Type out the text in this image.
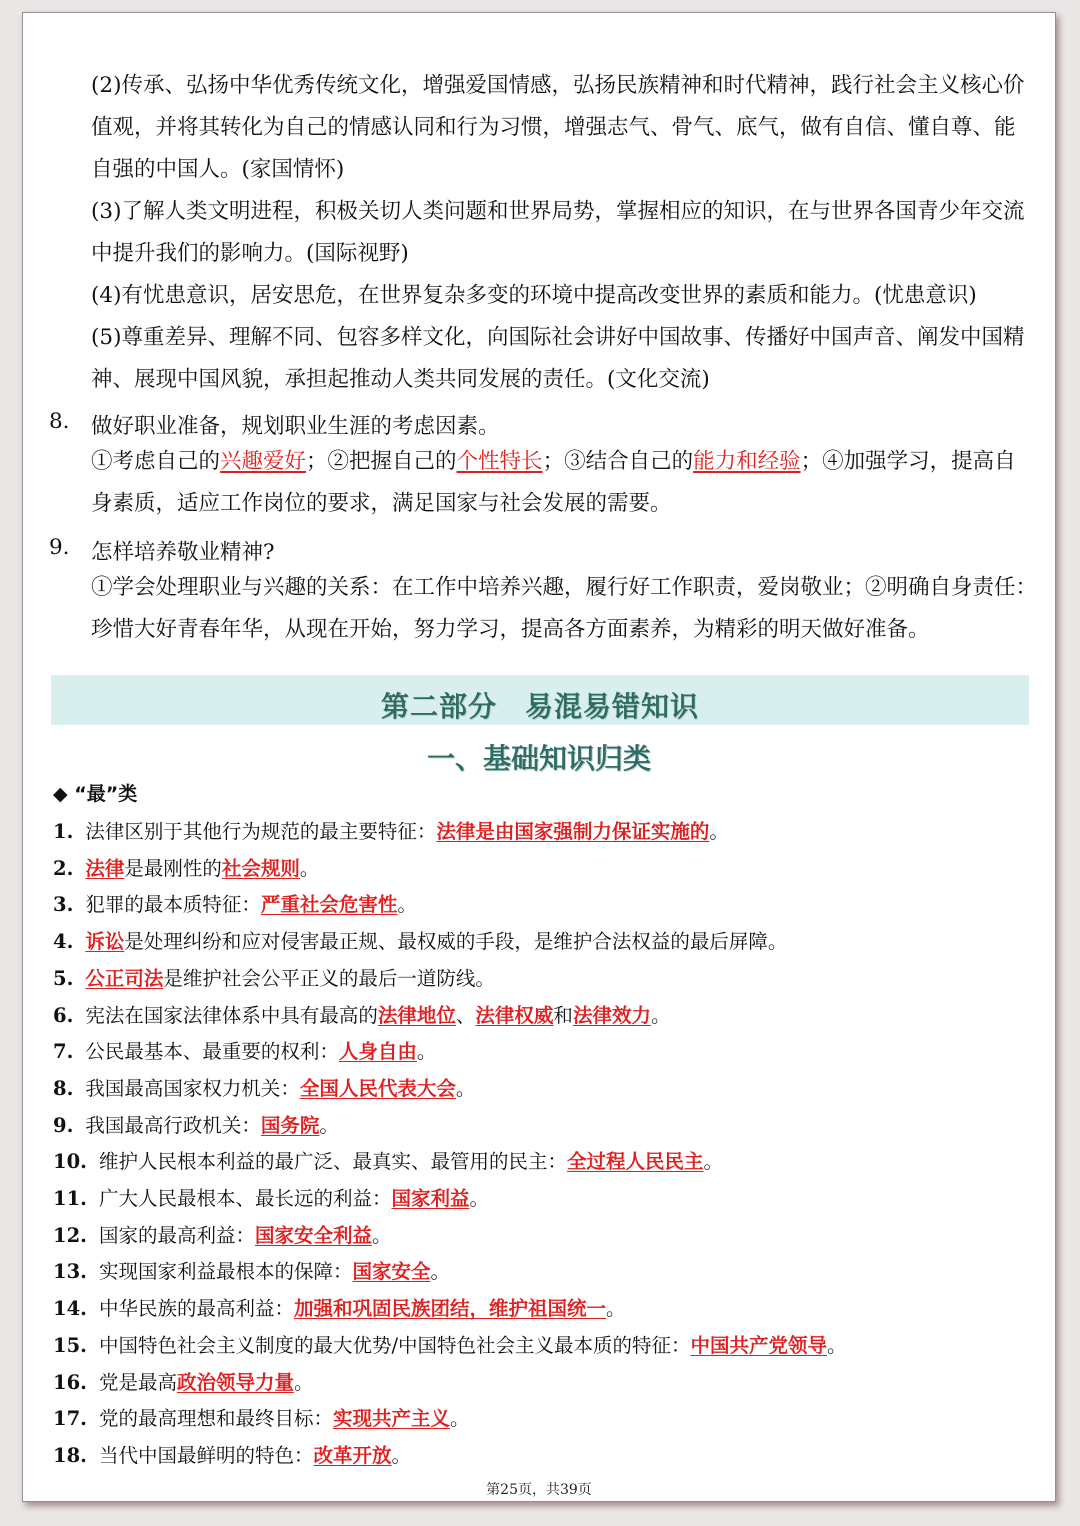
(2)传承、弘扬中华优秀传统文化，增强爱国情感，弘扬民族精神和时代精神，践行社会主义核心价
值观，并将其转化为自己的情感认同和行为习惯，增强志气、骨气、底气，做有自信、懂自尊、能
自强的中国人。(家国情怀)
(3)了解人类文明进程，积极关切人类问题和世界局势，掌握相应的知识，在与世界各国青少年交流
中提升我们的影响力。(国际视野)
(4)有忧患意识，居安思危，在世界复杂多变的环境中提高改变世界的素质和能力。(忧患意识)
(5)尊重差异、理解不同、包容多样文化，向国际社会讲好中国故事、传播好中国声音、阐发中国精
神、展现中国风貌，承担起推动人类共同发展的责任。(文化交流)
8. 做好职业准备，规划职业生涯的考虑因素。
①考虑自己的兴趣爱好；②把握自己的个性特长；③结合自己的能力和经验；④加强学习，提高自
身素质，适应工作岗位的要求，满足国家与社会发展的需要。
9. 怎样培养敬业精神?
①学会处理职业与兴趣的关系：在工作中培养兴趣，履行好工作职责，爱岗敬业；②明确自身责任：
珍惜大好青春年华，从现在开始，努力学习，提高各方面素养，为精彩的明天做好准备。
第二部分 易混易错知识
一、基础知识归类
◆ “最”类
1. 法律区别于其他行为规范的最主要特征：法律是由国家强制力保证实施的。
2. 法律是最刚性的社会规则。
3. 犯罪的最本质特征：严重社会危害性。
4. 诉讼是处理纠纷和应对侵害最正规、最权威的手段，是维护合法权益的最后屏障。
5. 公正司法是维护社会公平正义的最后一道防线。
6. 宪法在国家法律体系中具有最高的法律地位、法律权威和法律效力。
7. 公民最基本、最重要的权利：人身自由。
8. 我国最高国家权力机关：全国人民代表大会。
9. 我国最高行政机关：国务院。
10. 维护人民根本利益的最广泛、最真实、最管用的民主：全过程人民民主。
11. 广大人民最根本、最长远的利益：国家利益。
12. 国家的最高利益：国家安全利益。
13. 实现国家利益最根本的保障：国家安全。
14. 中华民族的最高利益：加强和巩固民族团结，维护祖国统一。
15. 中国特色社会主义制度的最大优势/中国特色社会主义最本质的特征：中国共产党领导。
16. 党是最高政治领导力量。
17. 党的最高理想和最终目标：实现共产主义。
18. 当代中国最鲜明的特色：改革开放。
第25页，共39页
